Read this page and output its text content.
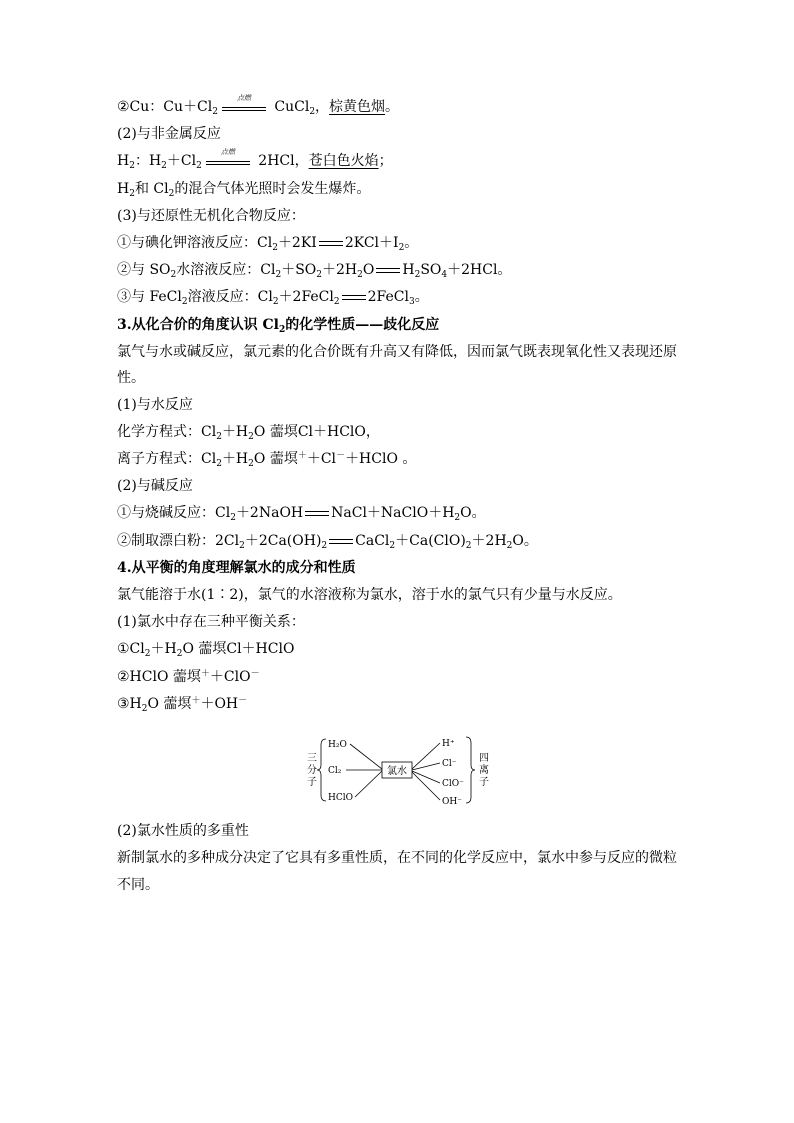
②Cu：$Cu+Cl_2$
点燃
CuCl$_2$，棕黄色烟。
(2)与非金属反应
$H_2$：$H_2+Cl_2$
点燃
2HCl，苍白色火焰；
$H_2$和 $Cl_2$的混合气体光照时会发生爆炸。
(3)与还原性无机化合物反应：
①与碘化钾溶液反应：$Cl_2+2KI$ $2KCl+I_2$。
②与 $SO_2$水溶液反应：$Cl_2+SO_2+2H_2O$ $H_2SO_4+2HCl$。
③与 FeCl$_2$溶液反应：$Cl_2+2FeCl_2$ 2FeCl$_3$。
3.从化合价的角度认识 $Cl_2$的化学性质——歧化反应
氯气与水或碱反应，氯元素的化合价既有升高又有降低，因而氯气既表现氧化性又表现还原性。
(1)与水反应
化学方程式：$Cl_2+H_2O$ 蘦塓Cl＋HClO，
离子方程式：$Cl_2+H_2O$ 蘦塓＋＋Cl－＋HClO 。
(2)与碱反应
①与烧碱反应：$Cl_2+2NaOH$ $NaCl+NaClO+H_2O$。
②制取漂白粉：$2Cl_2+2Ca(OH)_2$ $CaCl_2+Ca(ClO)_2+2H_2O$。
4.从平衡的角度理解氯水的成分和性质
氯气能溶于水(1∶2)，氯气的水溶液称为氯水，溶于水的氯气只有少量与水反应。
(1)氯水中存在三种平衡关系：
$①Cl_2+H_2O$ 蘦塓Cl＋HClO
②HClO 蘦塓＋＋ClO－
$③H_2O$ 蘦塓＋＋OH－
三
分
子
H₂O
Cl₂
HClO
氯水
H⁺
Cl⁻
ClO⁻
OH⁻
四
离
子
(2)氯水性质的多重性
新制氯水的多种成分决定了它具有多重性质，在不同的化学反应中，氯水中参与反应的微粒不同。
